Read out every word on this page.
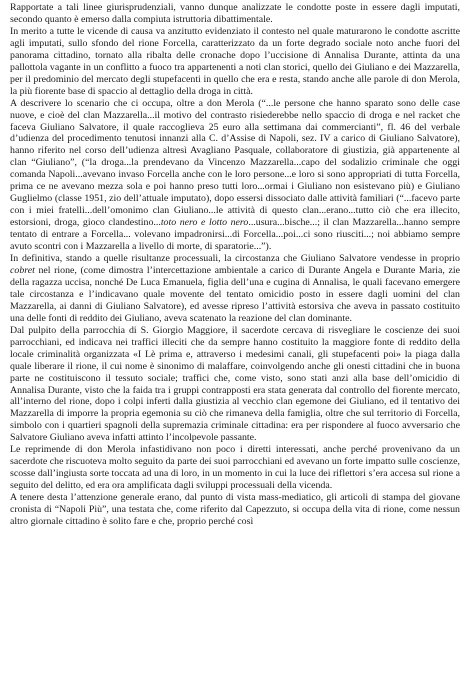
Rapportate a tali linee giurisprudenziali, vanno dunque analizzate le condotte poste in essere dagli imputati, secondo quanto è emerso dalla compiuta istruttoria dibattimentale.

In merito a tutte le vicende di causa va anzitutto evidenziato il contesto nel quale maturarono le condotte ascritte agli imputati, sullo sfondo del rione Forcella, caratterizzato da un forte degrado sociale noto anche fuori del panorama cittadino, tornato alla ribalta delle cronache dopo l’uccisione di Annalisa Durante, attinta da una pallottola vagante in un conflitto a fuoco tra appartenenti a noti clan storici, quello dei Giuliano e dei Mazzarella, per il predominio del mercato degli stupefacenti in quello che era e resta, stando anche alle parole di don Merola, la più fiorente base di spaccio al dettaglio della droga in città.

A descrivere lo scenario che ci occupa, oltre a don Merola (“...le persone che hanno sparato sono delle case nuove, e cioè del clan Mazzarella...il motivo del contrasto risiederebbe nello spaccio di droga e nel racket che faceva Giuliano Salvatore, il quale raccoglieva 25 euro alla settimana dai commercianti”, fl. 46 del verbale d’udienza del procedimento tenutosi innanzi alla C. d’Assise di Napoli, sez. IV a carico di Giuliano Salvatore), hanno riferito nel corso dell’udienza altresì Avagliano Pasquale, collaboratore di giustizia, già appartenente al clan “Giuliano”, (“la droga...la prendevano da Vincenzo Mazzarella...capo del sodalizio criminale che oggi comanda Napoli...avevano invaso Forcella anche con le loro persone...e loro si sono appropriati di tutta Forcella, prima ce ne avevano mezza sola e poi hanno preso tutti loro...ormai i Giuliano non esistevano più) e Giuliano Guglielmo (classe 1951, zio dell’attuale imputato), dopo essersi dissociato dalle attività familiari (“...facevo parte con i miei fratelli...dell’omonimo clan Giuliano...le attività di questo clan...erano...tutto ciò che era illecito, estorsioni, droga, gioco clandestino...toto nero e lotto nero...usura...bische...; il clan Mazzarella...hanno sempre tentato di entrare a Forcella... volevano impadronirsi...di Forcella...poi...ci sono riusciti...; noi abbiamo sempre avuto scontri con i Mazzarella a livello di morte, di sparatorie...”).

In definitiva, stando a quelle risultanze processuali, la circostanza che Giuliano Salvatore vendesse in proprio cobret nel rione, (come dimostra l’intercettazione ambientale a carico di Durante Angela e Durante Maria, zie della ragazza uccisa, nonché De Luca Emanuela, figlia dell’una e cugina di Annalisa, le quali facevano emergere tale circostanza e l’indicavano quale movente del tentato omicidio posto in essere dagli uomini del clan Mazzarella, ai danni di Giuliano Salvatore), ed avesse ripreso l’attività estorsiva che aveva in passato costituito una delle fonti di reddito dei Giuliano, aveva scatenato la reazione del clan dominante.

Dal pulpito della parrocchia di S. Giorgio Maggiore, il sacerdote cercava di risvegliare le coscienze dei suoi parrocchiani, ed indicava nei traffici illeciti che da sempre hanno costituito la maggiore fonte di reddito della locale criminalità organizzata «I Lè prima e, attraverso i medesimi canali, gli stupefacenti poi» la piaga dalla quale liberare il rione, il cui nome è sinonimo di malaffare, coinvolgendo anche gli onesti cittadini che in buona parte ne costituiscono il tessuto sociale; traffici che, come visto, sono stati anzi alla base dell’omicidio di Annalisa Durante, visto che la faida tra i gruppi contrapposti era stata generata dal controllo del fiorente mercato, all’interno del rione, dopo i colpi inferti dalla giustizia al vecchio clan egemone dei Giuliano, ed il tentativo dei Mazzarella di imporre la propria egemonia su ciò che rimaneva della famiglia, oltre che sul territorio di Forcella, simbolo con i quartieri spagnoli della supremazia criminale cittadina: era per rispondere al fuoco avversario che Salvatore Giuliano aveva infatti attinto l’incolpevole passante.

Le reprimende di don Merola infastidivano non poco i diretti interessati, anche perché provenivano da un sacerdote che riscuoteva molto seguito da parte dei suoi parrocchiani ed avevano un forte impatto sulle coscienze, scosse dall’ingiusta sorte toccata ad una di loro, in un momento in cui la luce dei riflettori s’era accesa sul rione a seguito del delitto, ed era ora amplificata dagli sviluppi processuali della vicenda.

A tenere desta l’attenzione generale erano, dal punto di vista mass-mediatico, gli articoli di stampa del giovane cronista di “Napoli Più”, una testata che, come riferito dal Capezzuto, si occupa della vita di rione, come nessun altro giornale cittadino è solito fare e che, proprio perché così
